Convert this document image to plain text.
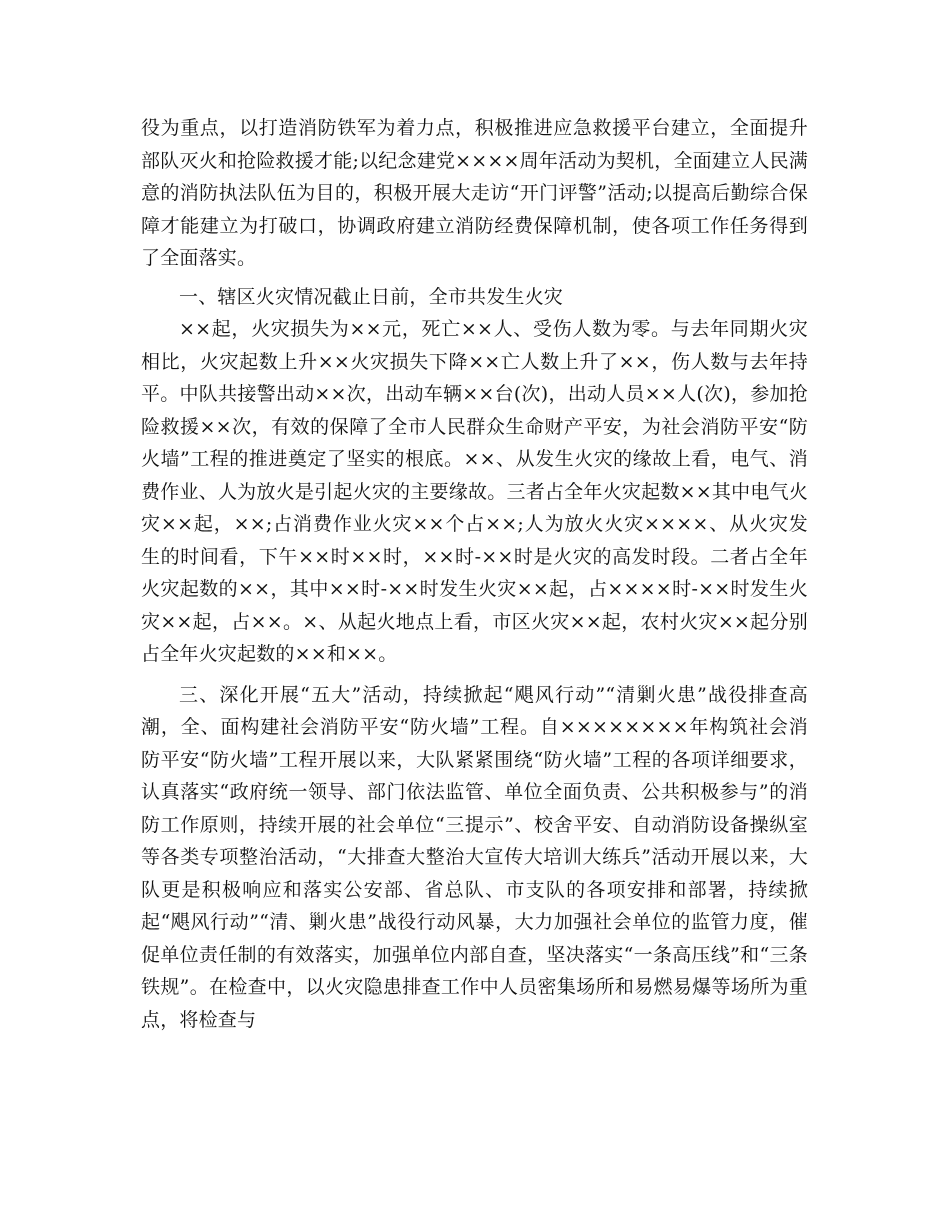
役为重点，以打造消防铁军为着力点，积极推进应急救援平台建立，全面提升部队灭火和抢险救援才能;以纪念建党××××周年活动为契机，全面建立人民满意的消防执法队伍为目的，积极开展大走访“开门评警”活动;以提高后勤综合保障才能建立为打破口，协调政府建立消防经费保障机制，使各项工作任务得到了全面落实。

一、辖区火灾情况截止日前，全市共发生火灾

××起，火灾损失为××元，死亡××人、受伤人数为零。与去年同期火灾相比，火灾起数上升××火灾损失下降××亡人数上升了××，伤人数与去年持平。中队共接警出动××次，出动车辆××台(次)，出动人员××人(次)，参加抢险救援××次，有效的保障了全市人民群众生命财产平安，为社会消防平安“防火墙”工程的推进奠定了坚实的根底。××、从发生火灾的缘故上看，电气、消费作业、人为放火是引起火灾的主要缘故。三者占全年火灾起数××其中电气火灾××起，××;占消费作业火灾××个占××;人为放火火灾××××、从火灾发生的时间看，下午××时××时，××时-××时是火灾的高发时段。二者占全年火灾起数的××，其中××时-××时发生火灾××起，占××××时-××时发生火灾××起，占××。×、从起火地点上看，市区火灾××起，农村火灾××起分别占全年火灾起数的××和××。

三、深化开展“五大”活动，持续掀起“飓风行动”“清剿火患”战役排查高潮，全、面构建社会消防平安“防火墙”工程。自××××××××年构筑社会消防平安“防火墙”工程开展以来，大队紧紧围绕“防火墙”工程的各项详细要求，认真落实“政府统一领导、部门依法监管、单位全面负责、公共积极参与”的消防工作原则，持续开展的社会单位“三提示”、校舍平安、自动消防设备操纵室等各类专项整治活动，“大排查大整治大宣传大培训大练兵”活动开展以来，大队更是积极响应和落实公安部、省总队、市支队的各项安排和部署，持续掀起“飓风行动”“清、剿火患”战役行动风暴，大力加强社会单位的监管力度，催促单位责任制的有效落实，加强单位内部自查，坚决落实“一条高压线”和“三条铁规”。在检查中，以火灾隐患排查工作中人员密集场所和易燃易爆等场所为重点，将检查与
